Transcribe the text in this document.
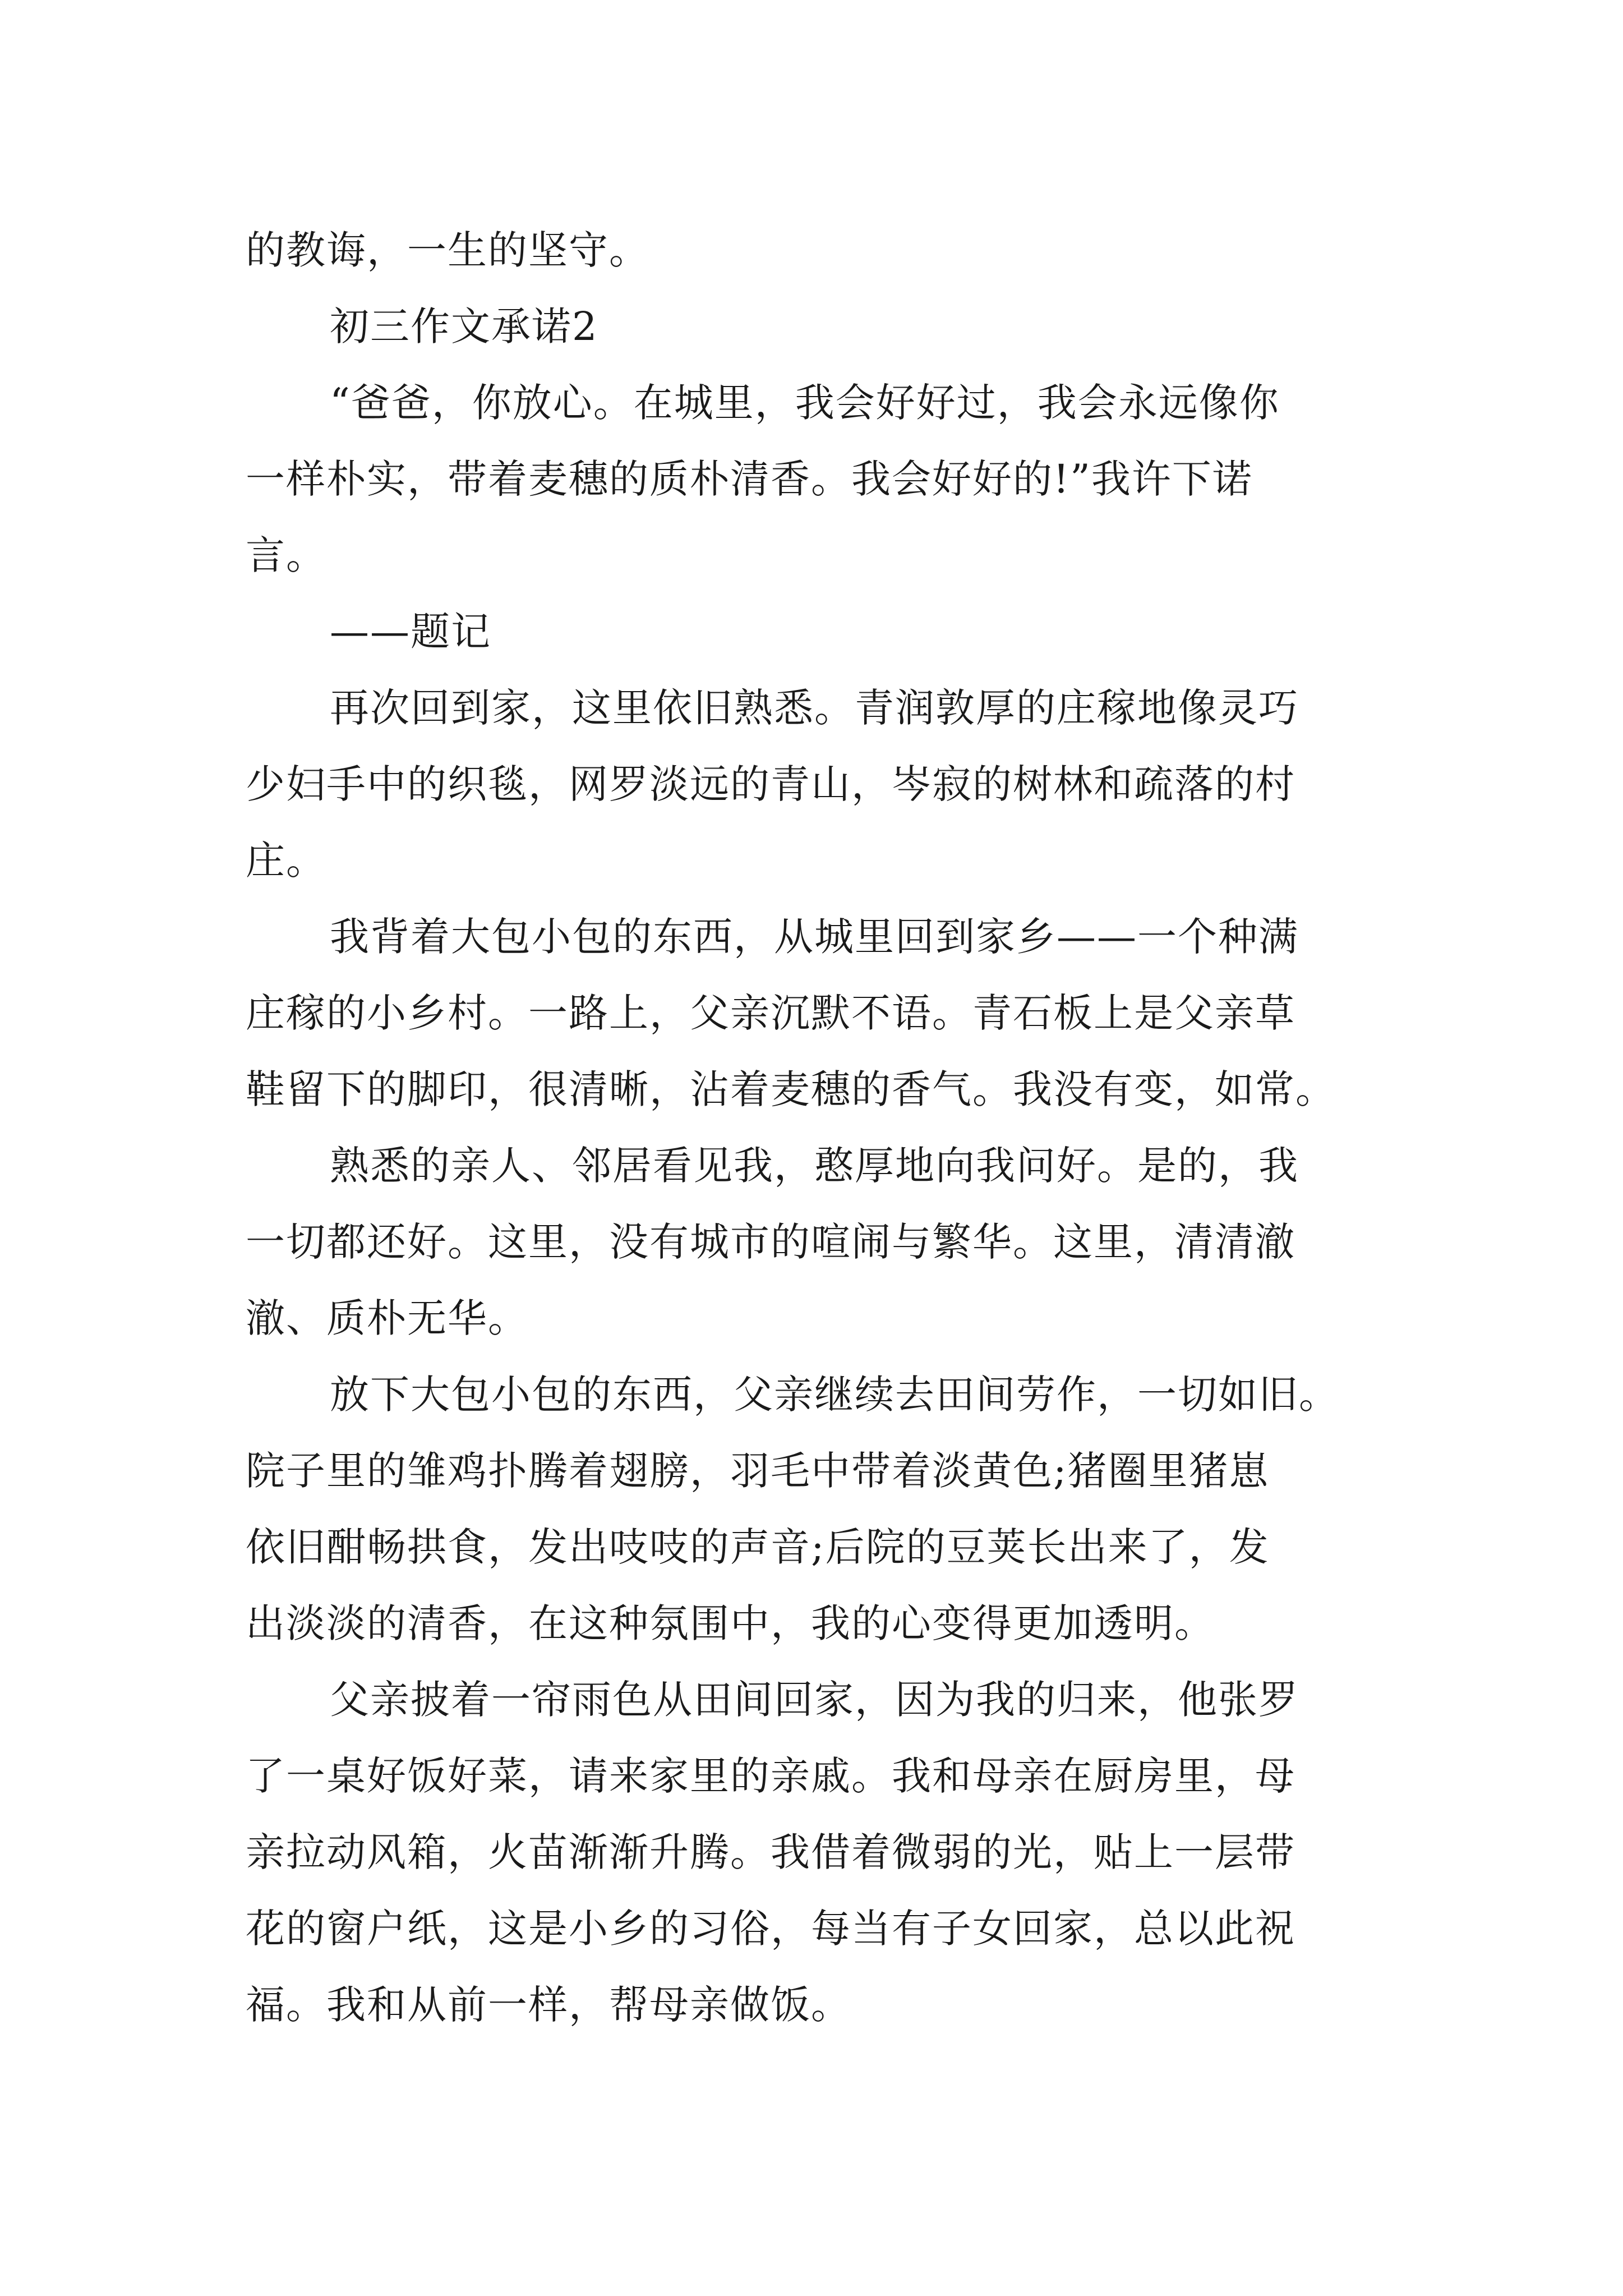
的教诲，一生的坚守。
初三作文承诺2
“爸爸，你放心。在城里，我会好好过，我会永远像你
一样朴实，带着麦穗的质朴清香。我会好好的!”我许下诺
言。
——题记
再次回到家，这里依旧熟悉。青润敦厚的庄稼地像灵巧
少妇手中的织毯，网罗淡远的青山，岑寂的树林和疏落的村
庄。
我背着大包小包的东西，从城里回到家乡——一个种满
庄稼的小乡村。一路上，父亲沉默不语。青石板上是父亲草
鞋留下的脚印，很清晰，沾着麦穗的香气。我没有变，如常。
熟悉的亲人、邻居看见我，憨厚地向我问好。是的，我
一切都还好。这里，没有城市的喧闹与繁华。这里，清清澈
澈、质朴无华。
放下大包小包的东西，父亲继续去田间劳作，一切如旧。
院子里的雏鸡扑腾着翅膀，羽毛中带着淡黄色;猪圈里猪崽
依旧酣畅拱食，发出吱吱的声音;后院的豆荚长出来了，发
出淡淡的清香，在这种氛围中，我的心变得更加透明。
父亲披着一帘雨色从田间回家，因为我的归来，他张罗
了一桌好饭好菜，请来家里的亲戚。我和母亲在厨房里，母
亲拉动风箱，火苗渐渐升腾。我借着微弱的光，贴上一层带
花的窗户纸，这是小乡的习俗，每当有子女回家，总以此祝
福。我和从前一样，帮母亲做饭。
